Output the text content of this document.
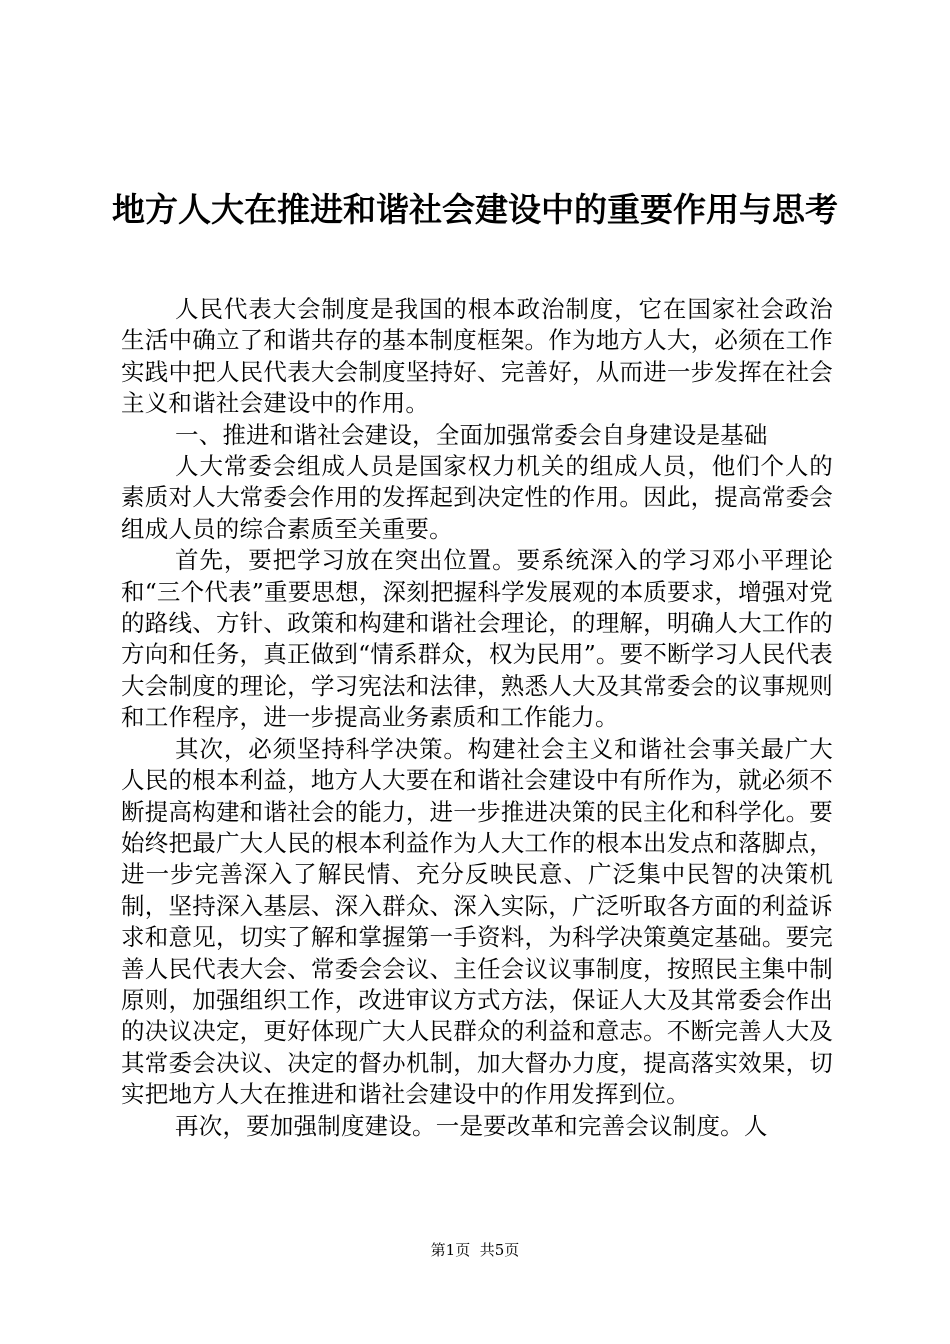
地方人大在推进和谐社会建设中的重要作用与思考

人民代表大会制度是我国的根本政治制度，它在国家社会政治生活中确立了和谐共存的基本制度框架。作为地方人大，必须在工作实践中把人民代表大会制度坚持好、完善好，从而进一步发挥在社会主义和谐社会建设中的作用。

一、推进和谐社会建设，全面加强常委会自身建设是基础

人大常委会组成人员是国家权力机关的组成人员，他们个人的素质对人大常委会作用的发挥起到决定性的作用。因此，提高常委会组成人员的综合素质至关重要。

首先，要把学习放在突出位置。要系统深入的学习邓小平理论和“三个代表”重要思想，深刻把握科学发展观的本质要求，增强对党的路线、方针、政策和构建和谐社会理论，的理解，明确人大工作的方向和任务，真正做到“情系群众，权为民用”。要不断学习人民代表大会制度的理论，学习宪法和法律，熟悉人大及其常委会的议事规则和工作程序，进一步提高业务素质和工作能力。

其次，必须坚持科学决策。构建社会主义和谐社会事关最广大人民的根本利益，地方人大要在和谐社会建设中有所作为，就必须不断提高构建和谐社会的能力，进一步推进决策的民主化和科学化。要始终把最广大人民的根本利益作为人大工作的根本出发点和落脚点，进一步完善深入了解民情、充分反映民意、广泛集中民智的决策机制，坚持深入基层、深入群众、深入实际，广泛听取各方面的利益诉求和意见，切实了解和掌握第一手资料，为科学决策奠定基础。要完善人民代表大会、常委会会议、主任会议议事制度，按照民主集中制原则，加强组织工作，改进审议方式方法，保证人大及其常委会作出的决议决定，更好体现广大人民群众的利益和意志。不断完善人大及其常委会决议、决定的督办机制，加大督办力度，提高落实效果，切实把地方人大在推进和谐社会建设中的作用发挥到位。

再次，要加强制度建设。一是要改革和完善会议制度。人

第1页 共5页
